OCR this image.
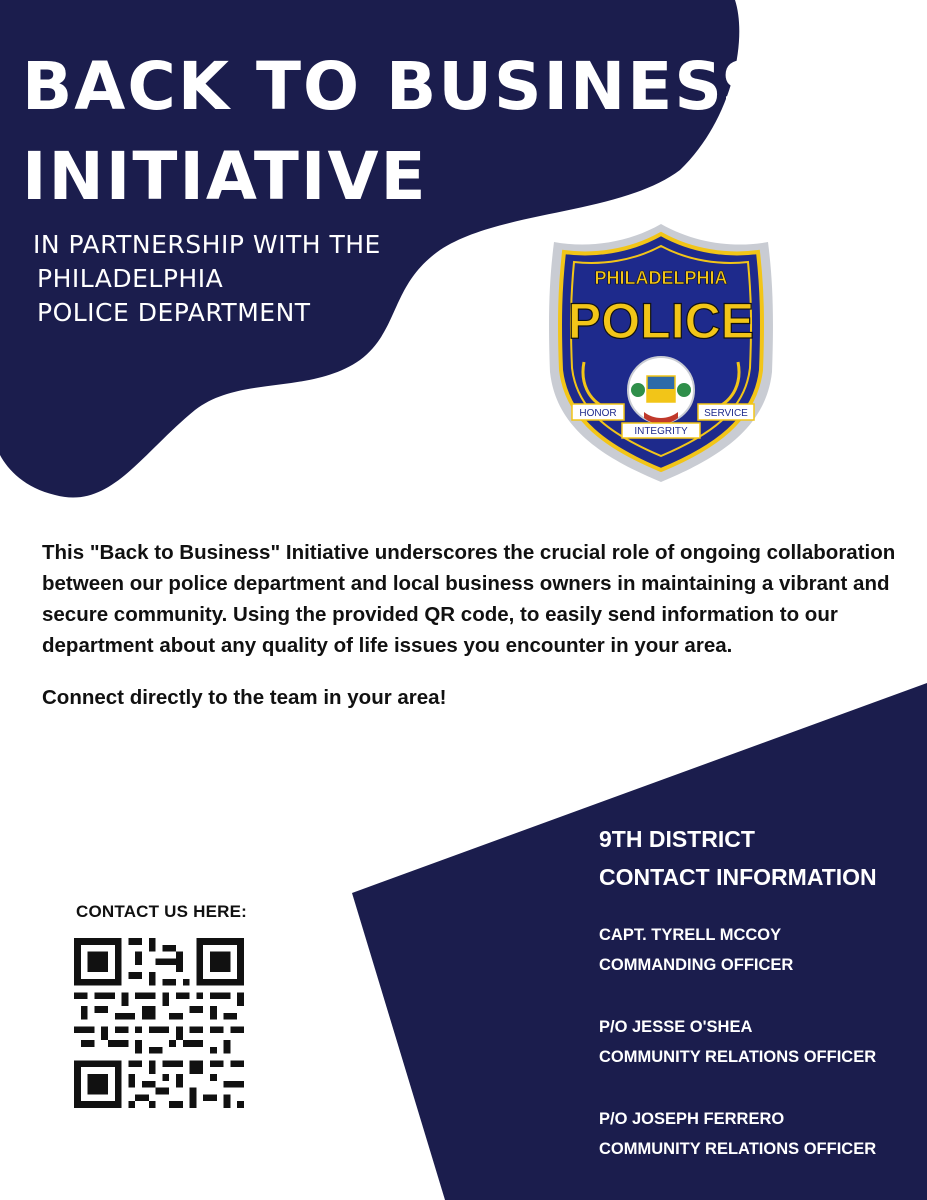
BACK TO BUSINESS
INITIATIVE
IN PARTNERSHIP WITH THE
PHILADELPHIA
POLICE DEPARTMENT
PHILADELPHIA
POLICE
HONOR	SERVICE
INTEGRITY

This "Back to Business" Initiative underscores the crucial role of ongoing collaboration between our police department and local business owners in maintaining a vibrant and secure community. Using the provided QR code, to easily send information to our department about any quality of life issues you encounter in your area.

Connect directly to the team in your area!

CONTACT US HERE:
9TH DISTRICT
CONTACT INFORMATION
CAPT. TYRELL MCCOY
COMMANDING OFFICER
P/O JESSE O'SHEA
COMMUNITY RELATIONS OFFICER
P/O JOSEPH FERRERO
COMMUNITY RELATIONS OFFICER
